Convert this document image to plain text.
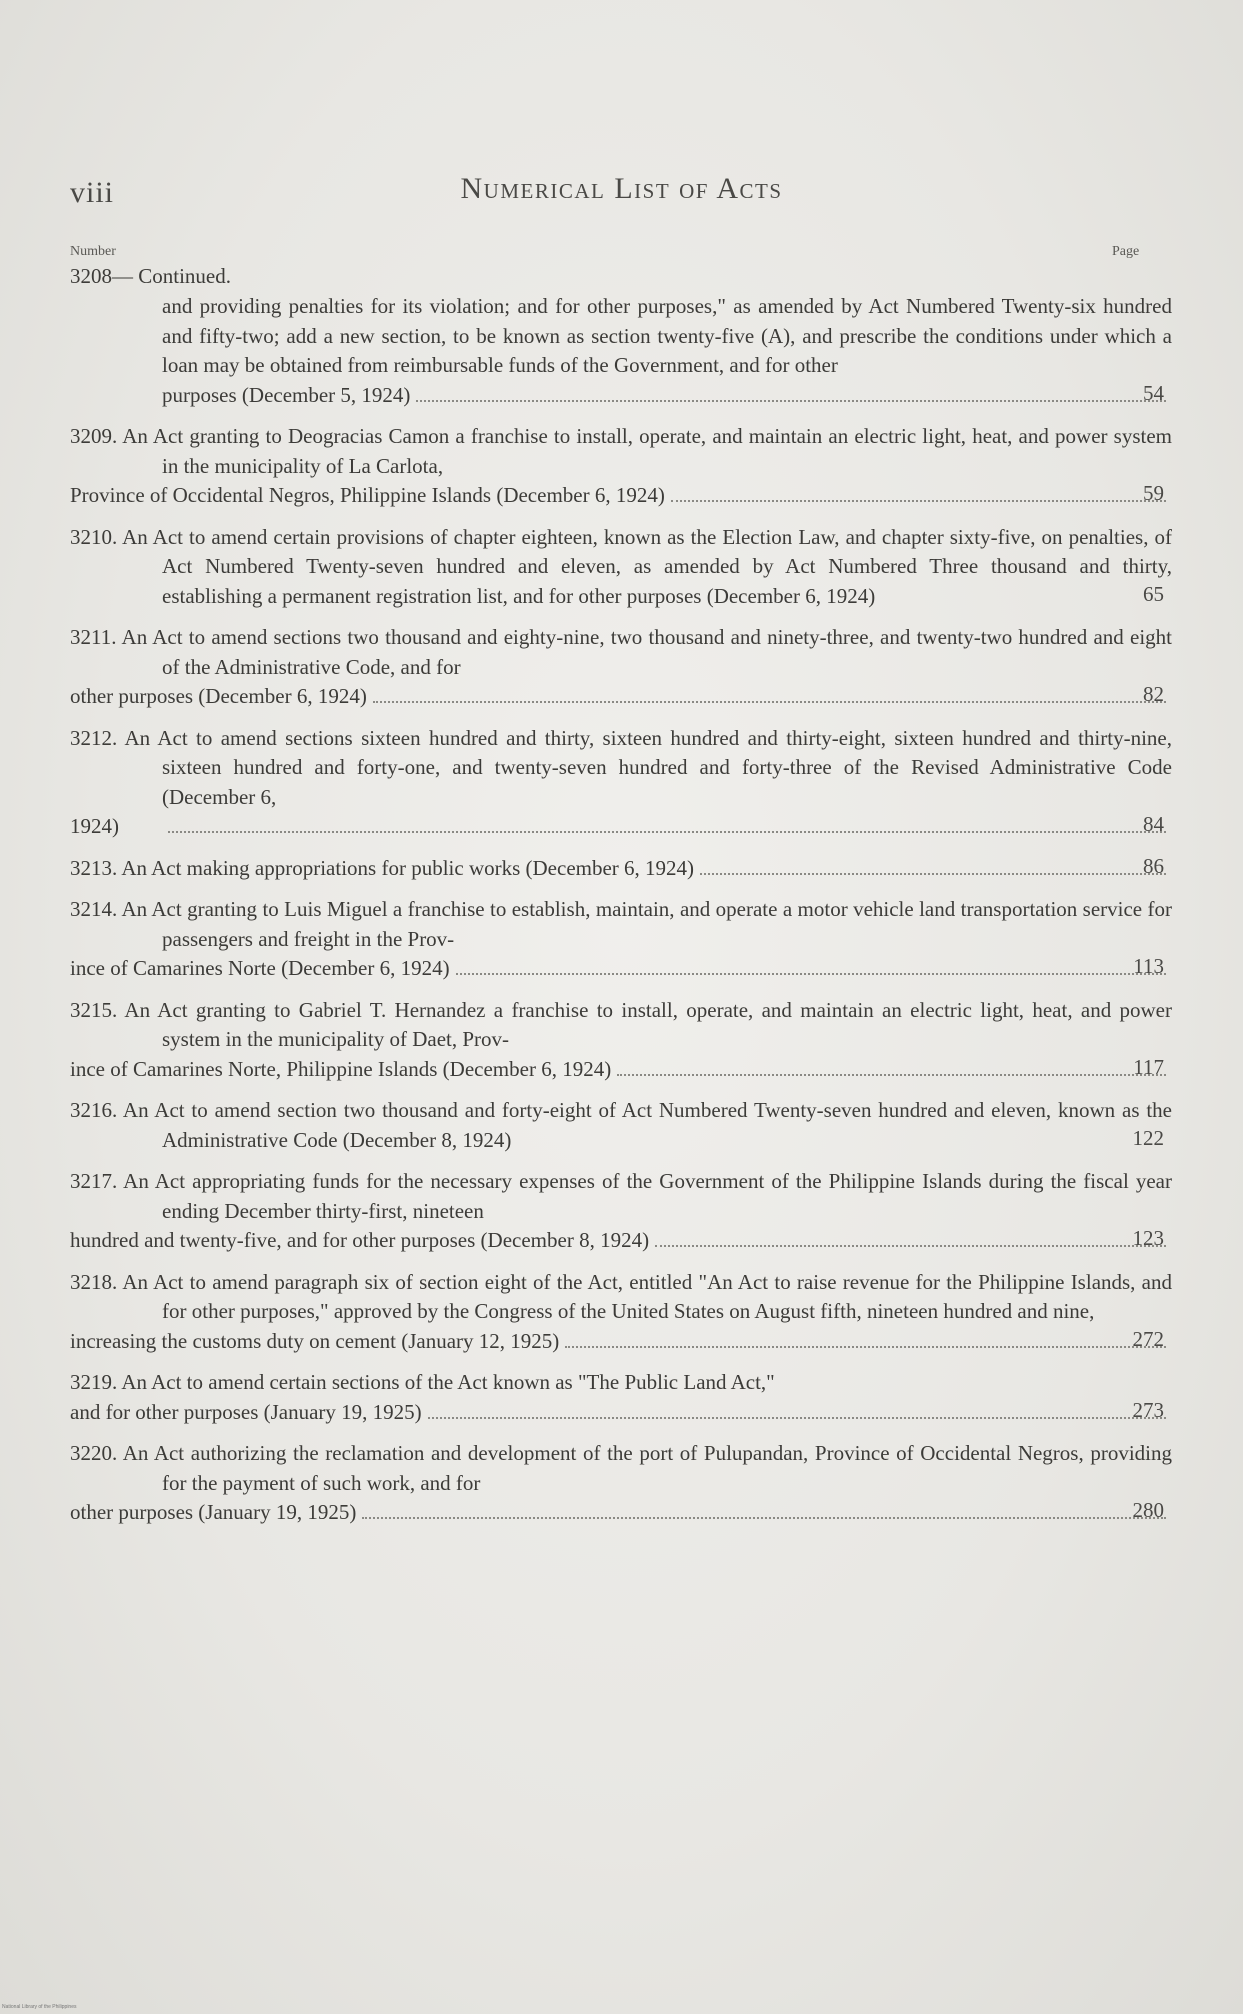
viii	Numerical List of Acts
Number	Page
3208— Continued.
and providing penalties for its violation; and for other purposes," as amended by Act Numbered Twenty-six hundred and fifty-two; add a new section, to be known as section twenty-five (A), and prescribe the conditions under which a loan may be obtained from reimbursable funds of the Government, and for other
purposes (December 5, 1924)	54
3209. An Act granting to Deogracias Camon a franchise to install, operate, and maintain an electric light, heat, and power system in the municipality of La Carlota,
Province of Occidental Negros, Philippine Islands (December 6, 1924)	59
3210. An Act to amend certain provisions of chapter eighteen, known as the Election Law, and chapter sixty-five, on penalties, of Act Numbered Twenty-seven hundred and eleven, as amended by Act Numbered Three thousand and thirty, establishing a permanent registration list, and for other purposes (December 6, 1924)	65
3211. An Act to amend sections two thousand and eighty-nine, two thousand and ninety-three, and twenty-two hundred and eight of the Administrative Code, and for
other purposes (December 6, 1924)	82
3212. An Act to amend sections sixteen hundred and thirty, sixteen hundred and thirty-eight, sixteen hundred and thirty-nine, sixteen hundred and forty-one, and twenty-seven hundred and forty-three of the Revised Administrative Code (December 6,
1924)	84
3213. An Act making appropriations for public works (December 6, 1924)	86
3214. An Act granting to Luis Miguel a franchise to establish, maintain, and operate a motor vehicle land transportation service for passengers and freight in the Prov-
ince of Camarines Norte (December 6, 1924)	113
3215. An Act granting to Gabriel T. Hernandez a franchise to install, operate, and maintain an electric light, heat, and power system in the municipality of Daet, Prov-
ince of Camarines Norte, Philippine Islands (December 6, 1924)	117
3216. An Act to amend section two thousand and forty-eight of Act Numbered Twenty-seven hundred and eleven, known as the Administrative Code (December 8, 1924)	122
3217. An Act appropriating funds for the necessary expenses of the Government of the Philippine Islands during the fiscal year ending December thirty-first, nineteen
hundred and twenty-five, and for other purposes (December 8, 1924)	123
3218. An Act to amend paragraph six of section eight of the Act, entitled "An Act to raise revenue for the Philippine Islands, and for other purposes," approved by the Congress of the United States on August fifth, nineteen hundred and nine,
increasing the customs duty on cement (January 12, 1925)	272
3219. An Act to amend certain sections of the Act known as "The Public Land Act,"
and for other purposes (January 19, 1925)	273
3220. An Act authorizing the reclamation and development of the port of Pulupandan, Province of Occidental Negros, providing for the payment of such work, and for
other purposes (January 19, 1925)	280
National Library of the Philippines
